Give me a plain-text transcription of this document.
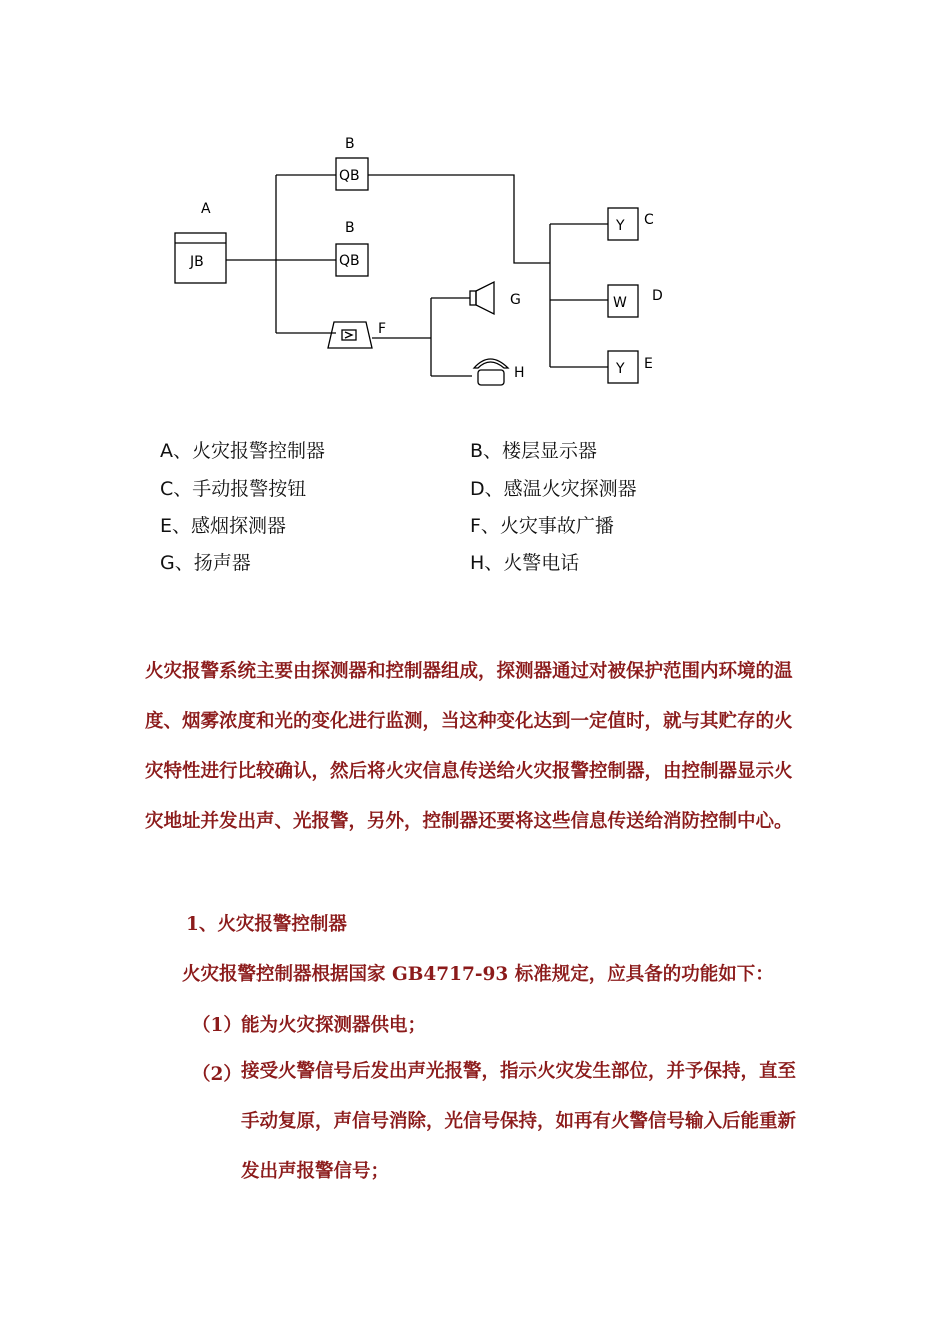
A
JB
B
QB
B
QB
F
G
H
Y C
W D
Y E
A、火灾报警控制器	B、楼层显示器
C、手动报警按钮	D、感温火灾探测器
E、感烟探测器	F、火灾事故广播
G、扬声器	H、火警电话
火灾报警系统主要由探测器和控制器组成，探测器通过对被保护范围内环境的温度、烟雾浓度和光的变化进行监测，当这种变化达到一定值时，就与其贮存的火灾特性进行比较确认，然后将火灾信息传送给火灾报警控制器，由控制器显示火灾地址并发出声、光报警，另外，控制器还要将这些信息传送给消防控制中心。
1、火灾报警控制器
火灾报警控制器根据国家 GB4717-93 标准规定，应具备的功能如下：
（1） 能为火灾探测器供电；
（2） 接受火警信号后发出声光报警，指示火灾发生部位，并予保持，直至手动复原，声信号消除，光信号保持，如再有火警信号输入后能重新发出声报警信号；
